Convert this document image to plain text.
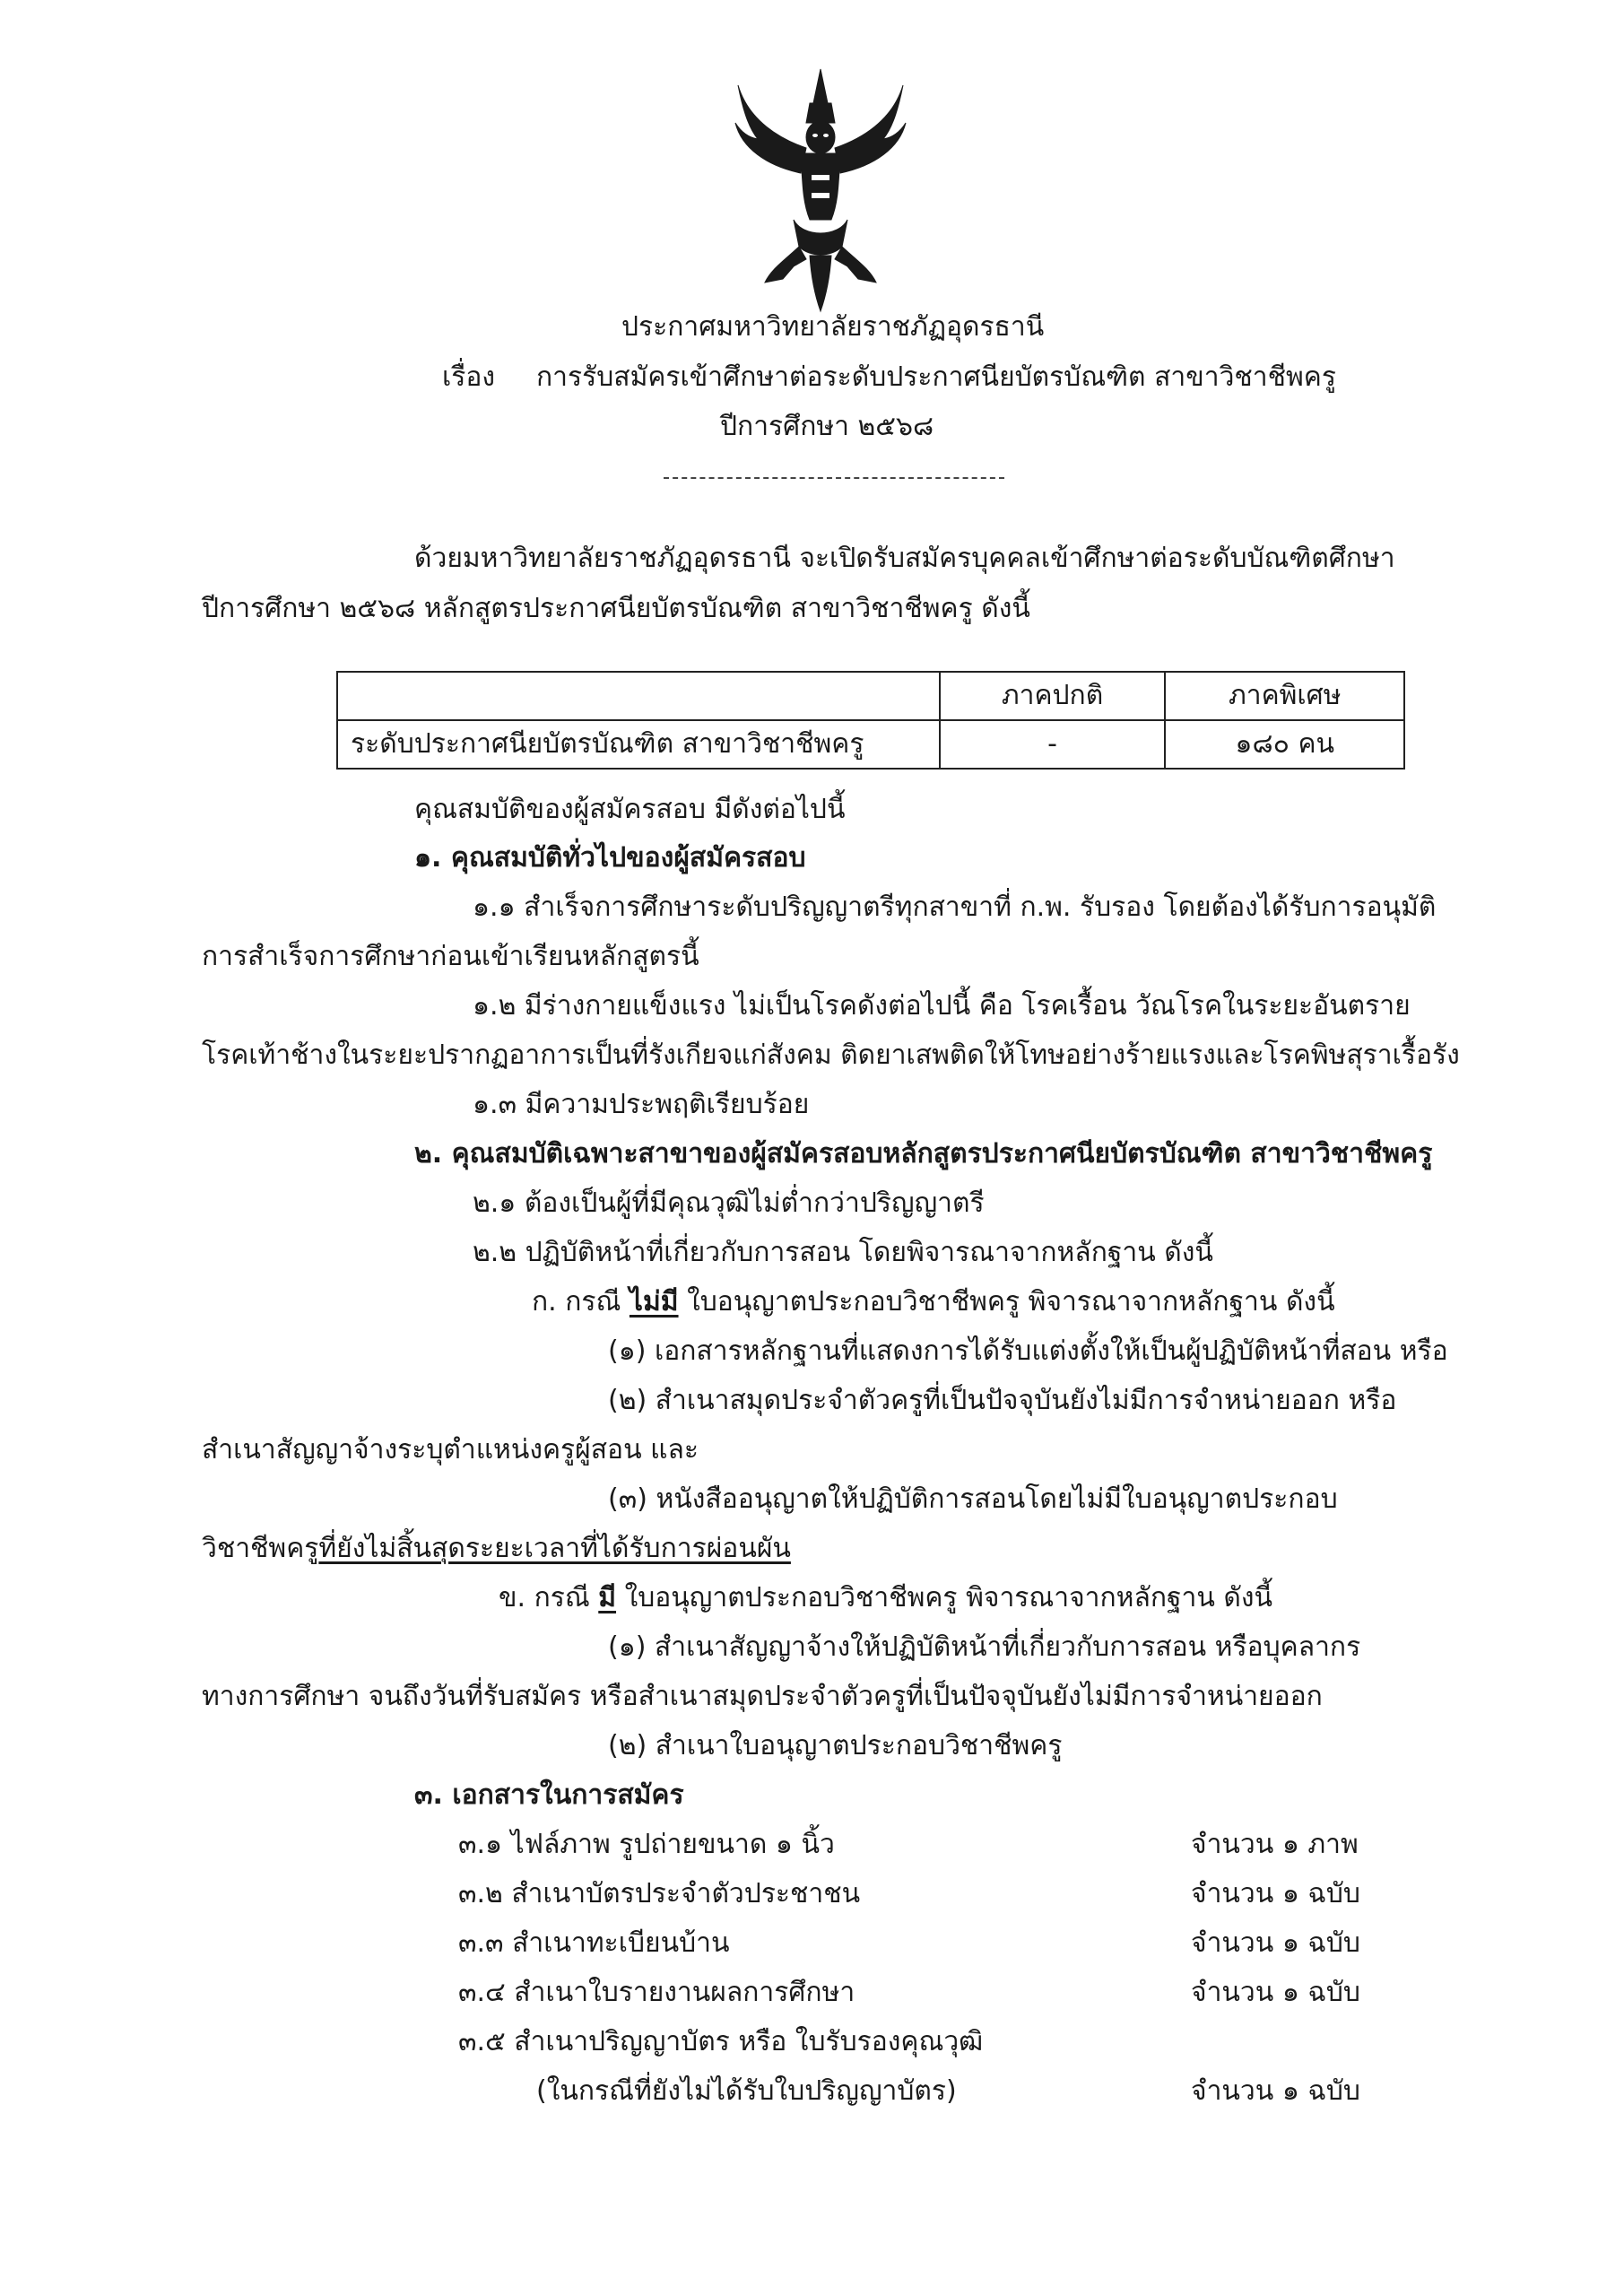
ประกาศมหาวิทยาลัยราชภัฏอุดรธานี
เรื่อง การรับสมัครเข้าศึกษาต่อระดับประกาศนียบัตรบัณฑิต สาขาวิชาชีพครู
ปีการศึกษา ๒๕๖๘
ด้วยมหาวิทยาลัยราชภัฏอุดรธานี จะเปิดรับสมัครบุคคลเข้าศึกษาต่อระดับบัณฑิตศึกษา
ปีการศึกษา ๒๕๖๘ หลักสูตรประกาศนียบัตรบัณฑิต สาขาวิชาชีพครู ดังนี้
	ภาคปกติ	ภาคพิเศษ
ระดับประกาศนียบัตรบัณฑิต สาขาวิชาชีพครู	-	๑๘๐ คน
คุณสมบัติของผู้สมัครสอบ มีดังต่อไปนี้
๑. คุณสมบัติทั่วไปของผู้สมัครสอบ
๑.๑ สำเร็จการศึกษาระดับปริญญาตรีทุกสาขาที่ ก.พ. รับรอง โดยต้องได้รับการอนุมัติ
การสำเร็จการศึกษาก่อนเข้าเรียนหลักสูตรนี้
๑.๒ มีร่างกายแข็งแรง ไม่เป็นโรคดังต่อไปนี้ คือ โรคเรื้อน วัณโรคในระยะอันตราย
โรคเท้าช้างในระยะปรากฏอาการเป็นที่รังเกียจแก่สังคม ติดยาเสพติดให้โทษอย่างร้ายแรงและโรคพิษสุราเรื้อรัง
๑.๓ มีความประพฤติเรียบร้อย
๒. คุณสมบัติเฉพาะสาขาของผู้สมัครสอบหลักสูตรประกาศนียบัตรบัณฑิต สาขาวิชาชีพครู
๒.๑ ต้องเป็นผู้ที่มีคุณวุฒิไม่ต่ำกว่าปริญญาตรี
๒.๒ ปฏิบัติหน้าที่เกี่ยวกับการสอน โดยพิจารณาจากหลักฐาน ดังนี้
ก. กรณี ไม่มี ใบอนุญาตประกอบวิชาชีพครู พิจารณาจากหลักฐาน ดังนี้
(๑) เอกสารหลักฐานที่แสดงการได้รับแต่งตั้งให้เป็นผู้ปฏิบัติหน้าที่สอน หรือ
(๒) สำเนาสมุดประจำตัวครูที่เป็นปัจจุบันยังไม่มีการจำหน่ายออก หรือ
สำเนาสัญญาจ้างระบุตำแหน่งครูผู้สอน และ
(๓) หนังสืออนุญาตให้ปฏิบัติการสอนโดยไม่มีใบอนุญาตประกอบ
วิชาชีพครูที่ยังไม่สิ้นสุดระยะเวลาที่ได้รับการผ่อนผัน
ข. กรณี มี ใบอนุญาตประกอบวิชาชีพครู พิจารณาจากหลักฐาน ดังนี้
(๑) สำเนาสัญญาจ้างให้ปฏิบัติหน้าที่เกี่ยวกับการสอน หรือบุคลากร
ทางการศึกษา จนถึงวันที่รับสมัคร หรือสำเนาสมุดประจำตัวครูที่เป็นปัจจุบันยังไม่มีการจำหน่ายออก
(๒) สำเนาใบอนุญาตประกอบวิชาชีพครู
๓. เอกสารในการสมัคร
๓.๑ ไฟล์ภาพ รูปถ่ายขนาด ๑ นิ้ว	จำนวน ๑ ภาพ
๓.๒ สำเนาบัตรประจำตัวประชาชน	จำนวน ๑ ฉบับ
๓.๓ สำเนาทะเบียนบ้าน	จำนวน ๑ ฉบับ
๓.๔ สำเนาใบรายงานผลการศึกษา	จำนวน ๑ ฉบับ
๓.๕ สำเนาปริญญาบัตร หรือ ใบรับรองคุณวุฒิ
(ในกรณีที่ยังไม่ได้รับใบปริญญาบัตร)	จำนวน ๑ ฉบับ
